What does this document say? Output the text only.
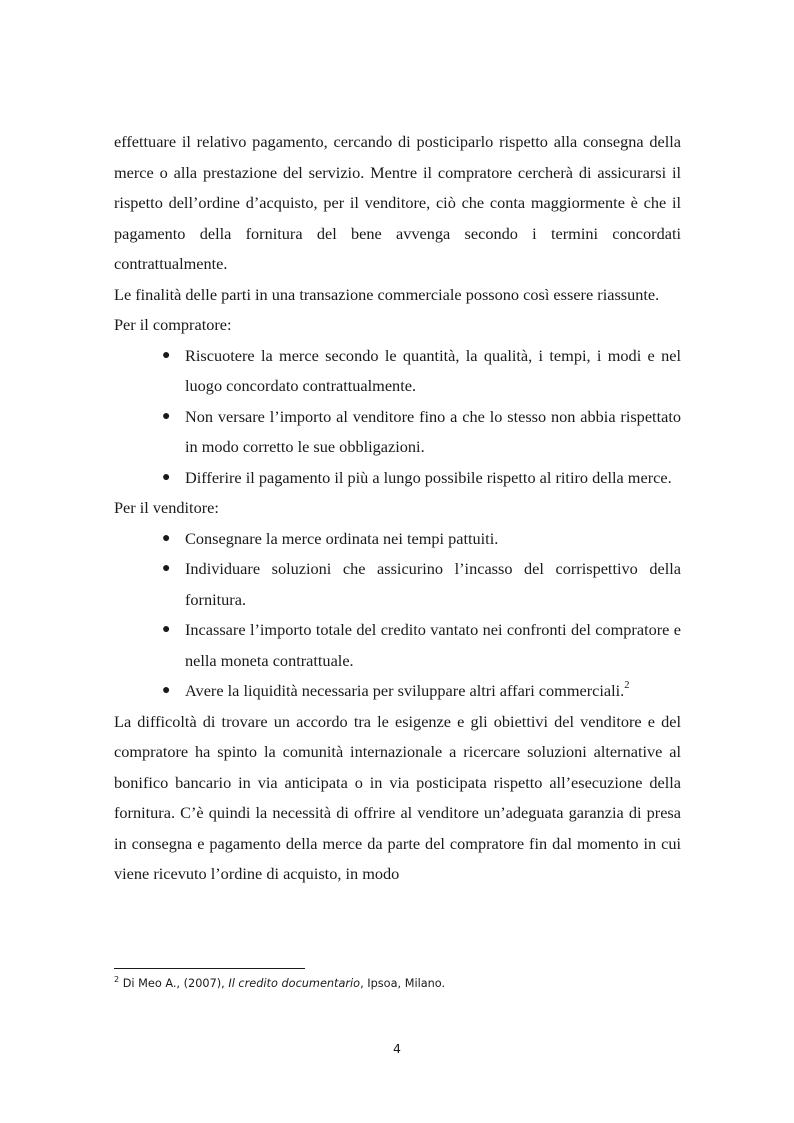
effettuare il relativo pagamento, cercando di posticiparlo rispetto alla consegna della merce o alla prestazione del servizio. Mentre il compratore cercherà di assicurarsi il rispetto dell’ordine d’acquisto, per il venditore, ciò che conta maggiormente è che il pagamento della fornitura del bene avvenga secondo i termini concordati contrattualmente.

Le finalità delle parti in una transazione commerciale possono così essere riassunte.

Per il compratore:

● Riscuotere la merce secondo le quantità, la qualità, i tempi, i modi e nel luogo concordato contrattualmente.
● Non versare l’importo al venditore fino a che lo stesso non abbia rispettato in modo corretto le sue obbligazioni.
● Differire il pagamento il più a lungo possibile rispetto al ritiro della merce.

Per il venditore:

● Consegnare la merce ordinata nei tempi pattuiti.
● Individuare soluzioni che assicurino l’incasso del corrispettivo della fornitura.
● Incassare l’importo totale del credito vantato nei confronti del compratore e nella moneta contrattuale.
● Avere la liquidità necessaria per sviluppare altri affari commerciali.$^2$

La difficoltà di trovare un accordo tra le esigenze e gli obiettivi del venditore e del compratore ha spinto la comunità internazionale a ricercare soluzioni alternative al bonifico bancario in via anticipata o in via posticipata rispetto all’esecuzione della fornitura. C’è quindi la necessità di offrire al venditore un’adeguata garanzia di presa in consegna e pagamento della merce da parte del compratore fin dal momento in cui viene ricevuto l’ordine di acquisto, in modo

$^2$ Di Meo A., (2007), Il credito documentario, Ipsoa, Milano.
4
